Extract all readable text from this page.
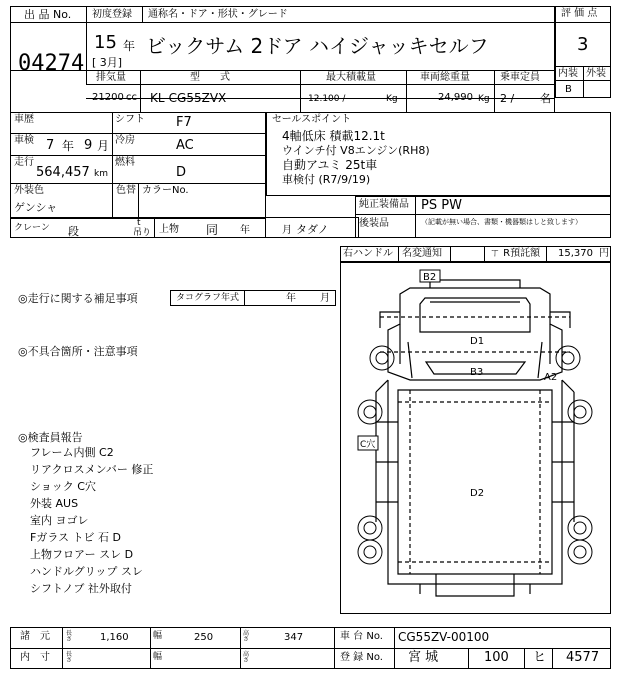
出 品 No.
04274
初度登録 通称名・ドア・形状・グレード
15 年
[ 3月]
ビックサム 2ドア ハイジャッキセルフ
排気量	型　　式	最大積載量	車両総重量	乗車定員
21200 cc KL-CG55ZVX	12.100 /	Kg	24,990 Kg 2 / 名
評 価 点
3
内装 外装
B
車歴	シフト F7
車検 7 年 9 月 冷房	AC
走行
564,457 km
燃料
D
外装色
ゲンシャ
色替 カラーNo.
クレーン 段
t
吊り 上物 同 年	月 タダノ
セールスポイント
4軸低床 積載12.1t
ウインチ付 V8エンジン(RH8)
自動アユミ 25t車
車検付 (R7/9/19)
純正装備品 PS PW
後装品	（記載が無い場合、書類・機器類はしと致します）
右ハンドル 名変通知	ㄒ R預託額 15,370 円
◎走行に関する補足事項	タコグラフ年式	年 月
◎不具合箇所・注意事項
◎検査員報告
フレーム内側 C2
リアクロスメンバー 修正
ショック C穴
外装 AUS
室内 ヨゴレ
Fガラス トビ 石 D
上物フロアー スレ D
ハンドルグリップ スレ
シフトノブ 社外取付
B2
D1
B3	A2
C穴
D2
諸　元	長さ	1,160	幅	250	高さ	347	車 台 No. CG55ZV-00100
内　寸	長さ	幅	高さ	登 録 No. 宮 城	100 ヒ 4577
